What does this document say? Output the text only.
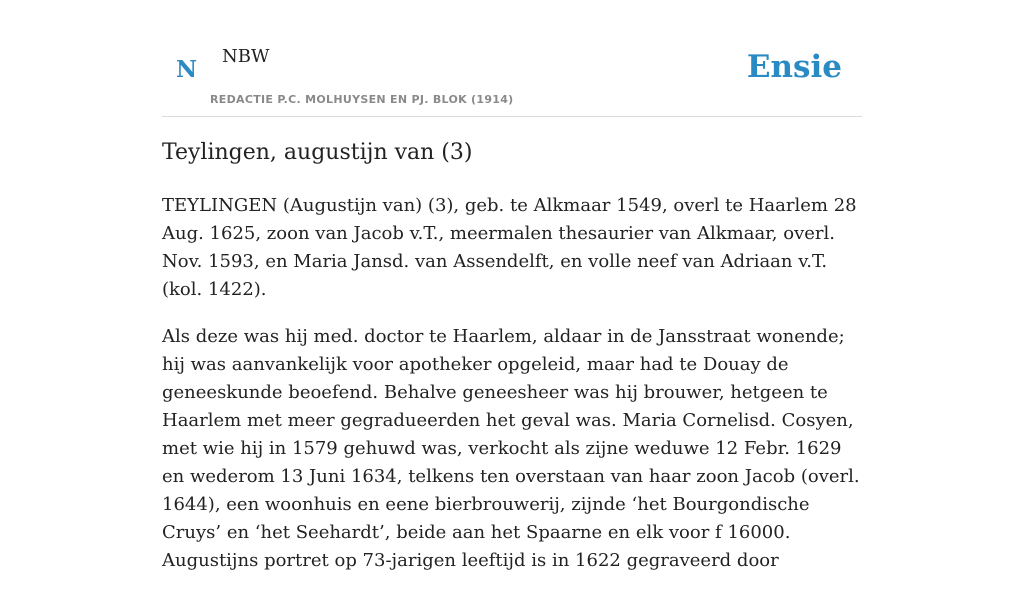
N NBW
REDACTIE P.C. MOLHUYSEN EN PJ. BLOK (1914)
Ensie
Teylingen, augustijn van (3)

TEYLINGEN (Augustijn van) (3), geb. te Alkmaar 1549, overl te Haarlem 28 Aug. 1625, zoon van Jacob v.T., meermalen thesaurier van Alkmaar, overl. Nov. 1593, en Maria Jansd. van Assendelft, en volle neef van Adriaan v.T. (kol. 1422).

Als deze was hij med. doctor te Haarlem, aldaar in de Jansstraat wonende; hij was aanvankelijk voor apotheker opgeleid, maar had te Douay de geneeskunde beoefend. Behalve geneesheer was hij brouwer, hetgeen te Haarlem met meer gegradueerden het geval was. Maria Cornelisd. Cosyen, met wie hij in 1579 gehuwd was, verkocht als zijne weduwe 12 Febr. 1629 en wederom 13 Juni 1634, telkens ten overstaan van haar zoon Jacob (overl. 1644), een woonhuis en eene bierbrouwerij, zijnde ‘het Bourgondische Cruys’ en ‘het Seehardt’, beide aan het Spaarne en elk voor f 16000. Augustijns portret op 73-jarigen leeftijd is in 1622 gegraveerd door
